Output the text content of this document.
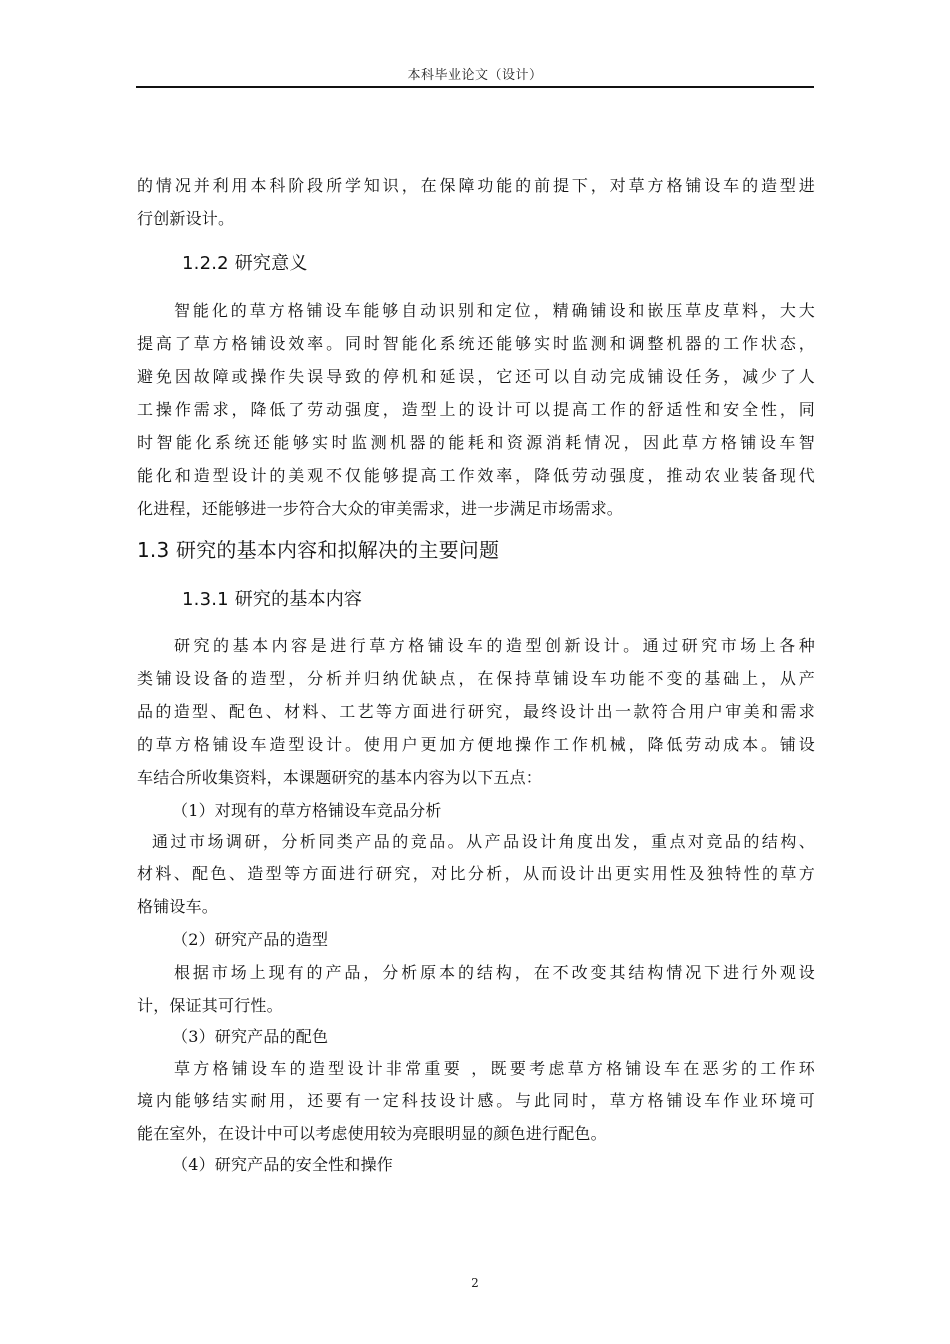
本科毕业论文（设计）
的情况并利用本科阶段所学知识，在保障功能的前提下，对草方格铺设车的造型进
行创新设计。
1.2.2 研究意义
智能化的草方格铺设车能够自动识别和定位，精确铺设和嵌压草皮草料，大大
提高了草方格铺设效率。同时智能化系统还能够实时监测和调整机器的工作状态，
避免因故障或操作失误导致的停机和延误，它还可以自动完成铺设任务，减少了人
工操作需求，降低了劳动强度，造型上的设计可以提高工作的舒适性和安全性，同
时智能化系统还能够实时监测机器的能耗和资源消耗情况，因此草方格铺设车智
能化和造型设计的美观不仅能够提高工作效率，降低劳动强度，推动农业装备现代
化进程，还能够进一步符合大众的审美需求，进一步满足市场需求。
1.3 研究的基本内容和拟解决的主要问题
1.3.1 研究的基本内容
研究的基本内容是进行草方格铺设车的造型创新设计。通过研究市场上各种
类铺设设备的造型，分析并归纳优缺点，在保持草铺设车功能不变的基础上，从产
品的造型、配色、材料、工艺等方面进行研究，最终设计出一款符合用户审美和需求
的草方格铺设车造型设计。使用户更加方便地操作工作机械，降低劳动成本。铺设
车结合所收集资料，本课题研究的基本内容为以下五点：
（1）对现有的草方格铺设车竞品分析
通过市场调研，分析同类产品的竞品。从产品设计角度出发，重点对竞品的结构、
材料、配色、造型等方面进行研究，对比分析，从而设计出更实用性及独特性的草方
格铺设车。
（2）研究产品的造型
根据市场上现有的产品，分析原本的结构，在不改变其结构情况下进行外观设
计，保证其可行性。
（3）研究产品的配色
草方格铺设车的造型设计非常重要 ，既要考虑草方格铺设车在恶劣的工作环
境内能够结实耐用，还要有一定科技设计感。与此同时，草方格铺设车作业环境可
能在室外，在设计中可以考虑使用较为亮眼明显的颜色进行配色。
（4）研究产品的安全性和操作
2
